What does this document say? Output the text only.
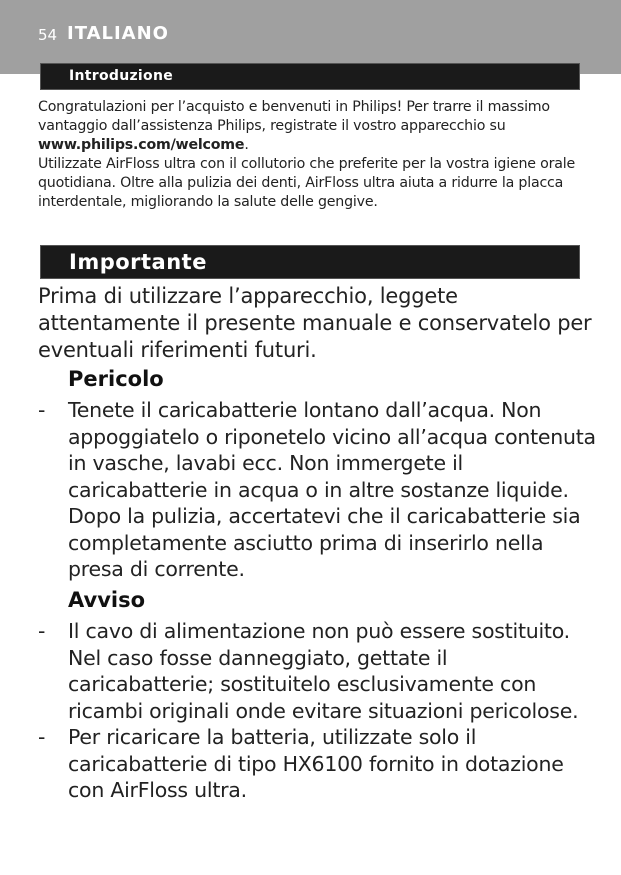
54 ITALIANO
Introduzione

Congratulazioni per l’acquisto e benvenuti in Philips! Per trarre il massimo vantaggio dall’assistenza Philips, registrate il vostro apparecchio su www.philips.com/welcome.

Utilizzate AirFloss ultra con il collutorio che preferite per la vostra igiene orale quotidiana. Oltre alla pulizia dei denti, AirFloss ultra aiuta a ridurre la placca interdentale, migliorando la salute delle gengive.

Importante
Prima di utilizzare l’apparecchio, leggete attentamente il presente manuale e conservatelo per eventuali riferimenti futuri.
Pericolo
- Tenete il caricabatterie lontano dall’acqua. Non appoggiatelo o riponetelo vicino all’acqua contenuta in vasche, lavabi ecc. Non immergete il caricabatterie in acqua o in altre sostanze liquide. Dopo la pulizia, accertatevi che il caricabatterie sia completamente asciutto prima di inserirlo nella presa di corrente.
Avviso
- Il cavo di alimentazione non può essere sostituito. Nel caso fosse danneggiato, gettate il caricabatterie; sostituitelo esclusivamente con ricambi originali onde evitare situazioni pericolose.
- Per ricaricare la batteria, utilizzate solo il caricabatterie di tipo HX6100 fornito in dotazione con AirFloss ultra.
